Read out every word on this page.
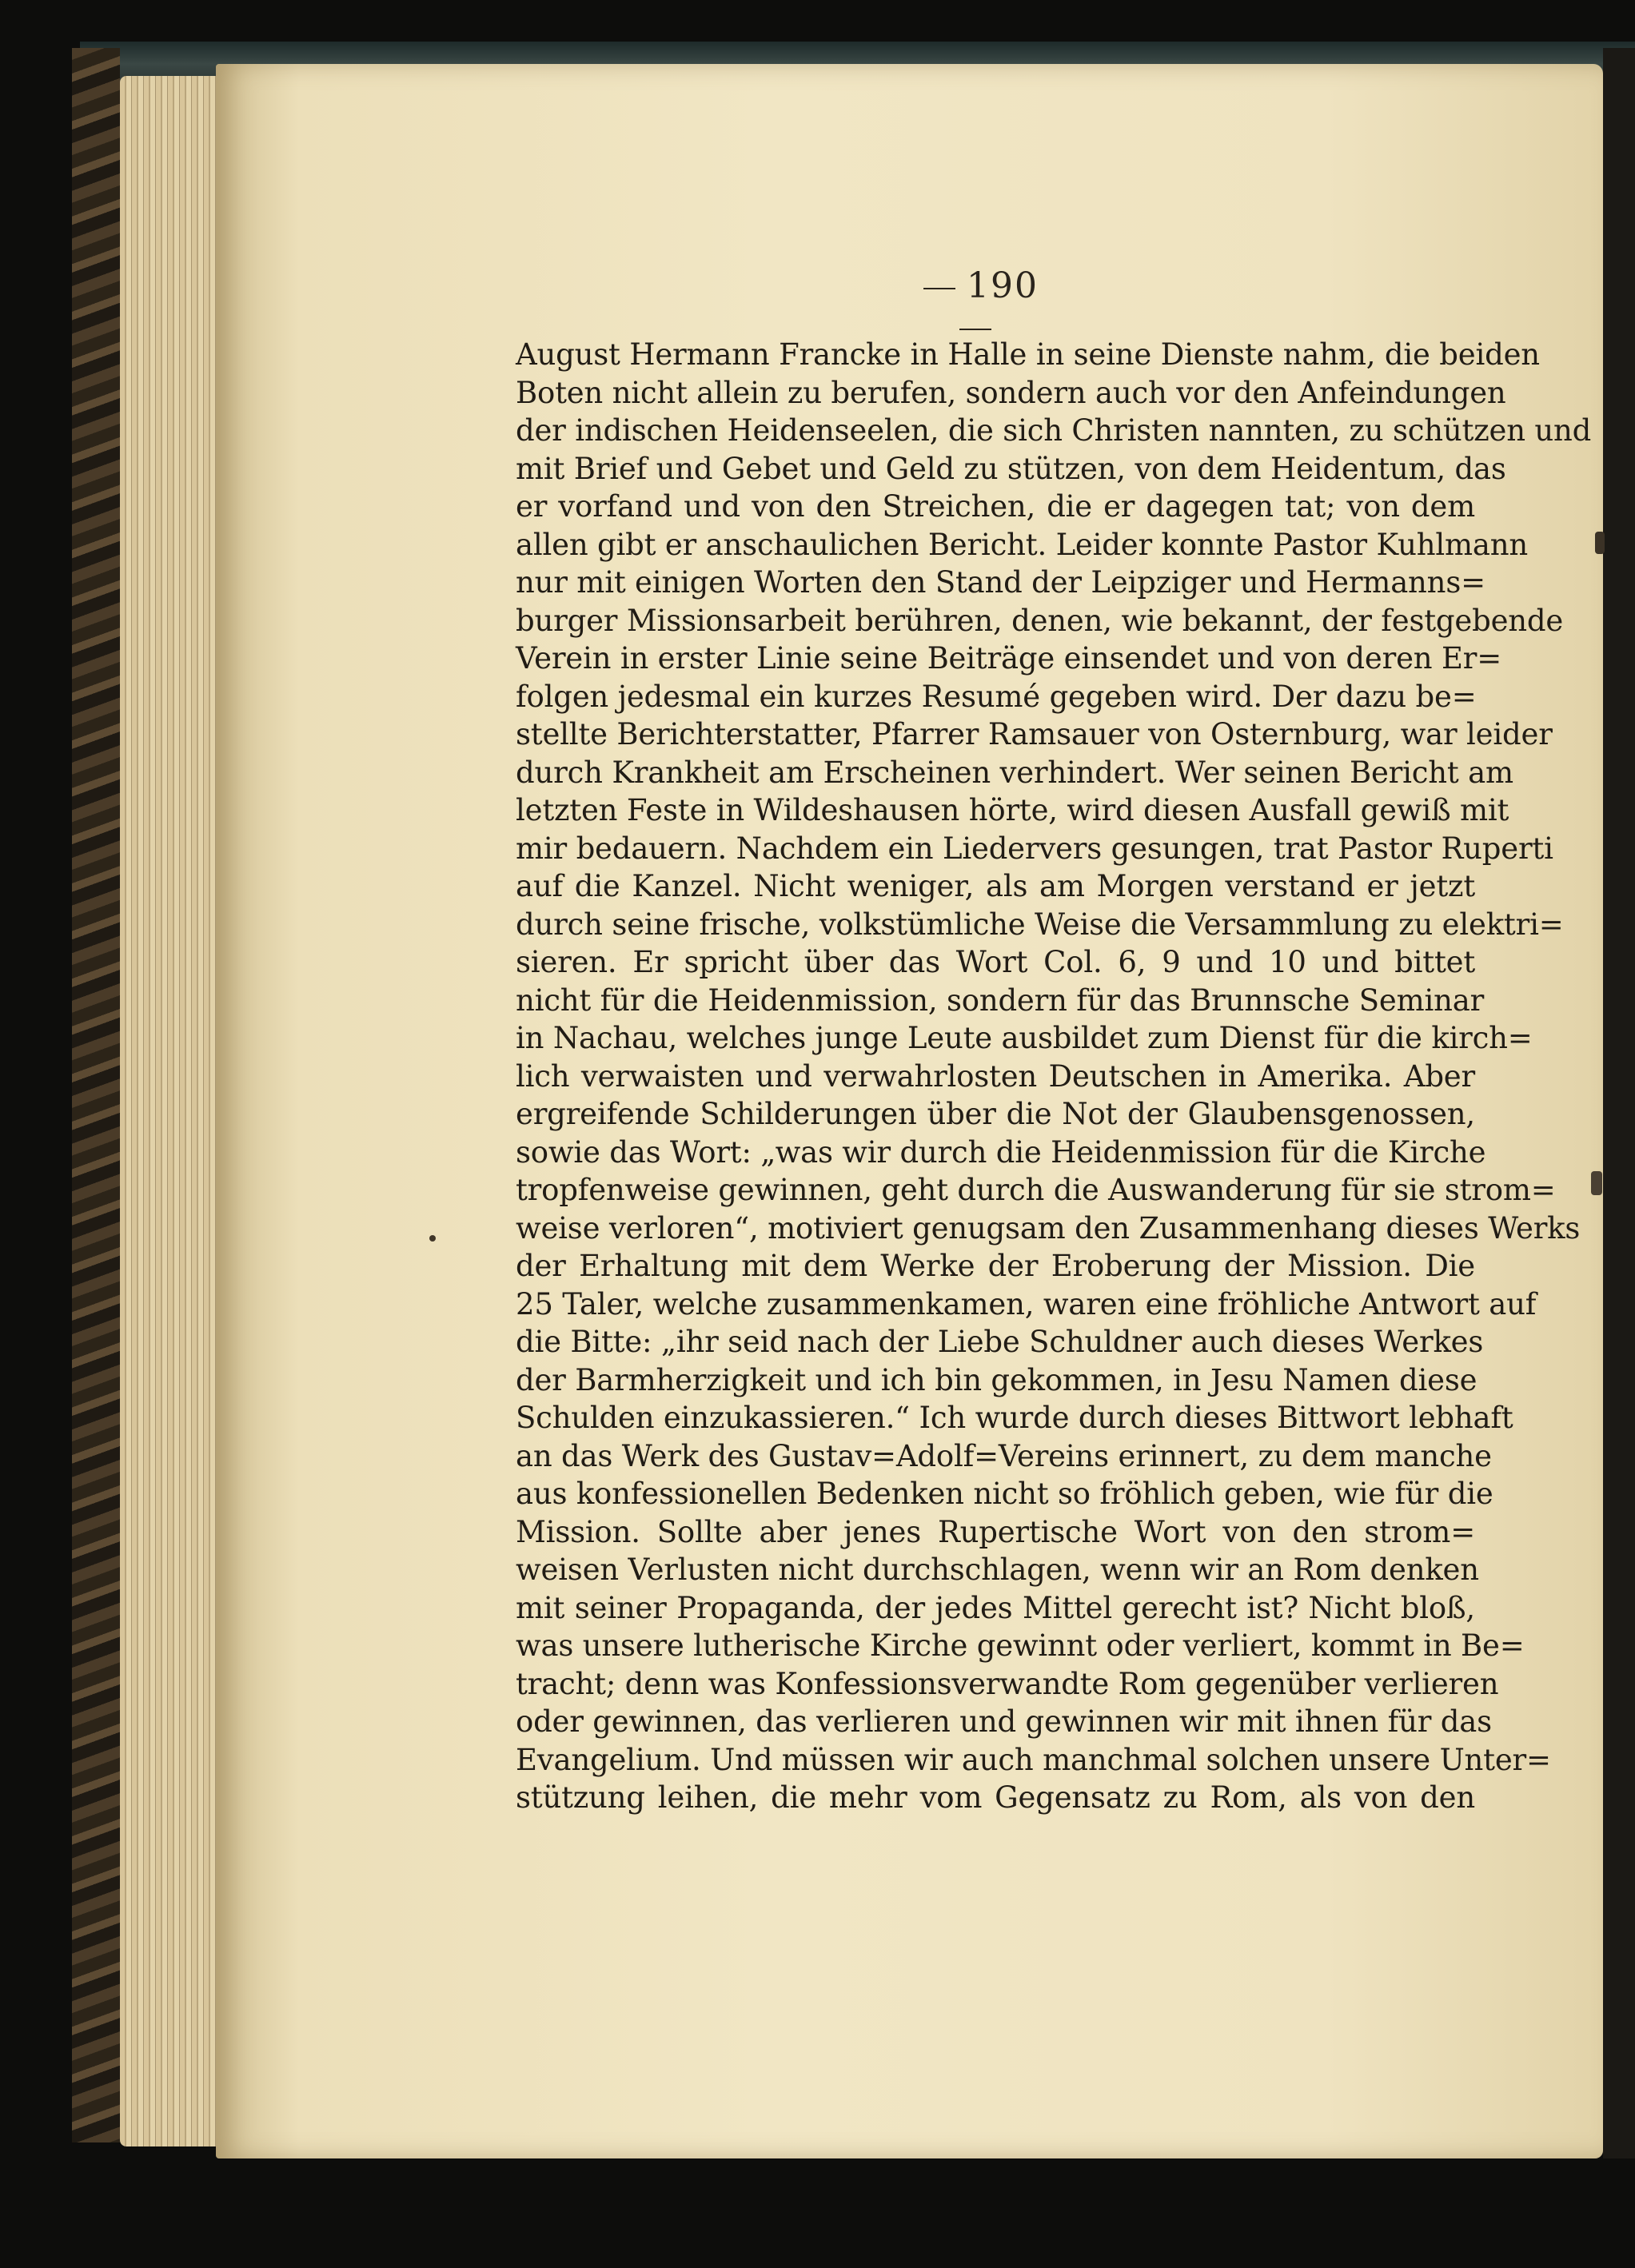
190
August Hermann Francke in Halle in seine Dienste nahm, die beiden
Boten nicht allein zu berufen, sondern auch vor den Anfeindungen
der indischen Heidenseelen, die sich Christen nannten, zu schützen und
mit Brief und Gebet und Geld zu stützen, von dem Heidentum, das
er vorfand und von den Streichen, die er dagegen tat; von dem
allen gibt er anschaulichen Bericht. Leider konnte Pastor Kuhlmann
nur mit einigen Worten den Stand der Leipziger und Hermanns=
burger Missionsarbeit berühren, denen, wie bekannt, der festgebende
Verein in erster Linie seine Beiträge einsendet und von deren Er=
folgen jedesmal ein kurzes Resumé gegeben wird. Der dazu be=
stellte Berichterstatter, Pfarrer Ramsauer von Osternburg, war leider
durch Krankheit am Erscheinen verhindert. Wer seinen Bericht am
letzten Feste in Wildeshausen hörte, wird diesen Ausfall gewiß mit
mir bedauern. Nachdem ein Liedervers gesungen, trat Pastor Ruperti
auf die Kanzel. Nicht weniger, als am Morgen verstand er jetzt
durch seine frische, volkstümliche Weise die Versammlung zu elektri=
sieren. Er spricht über das Wort Col. 6, 9 und 10 und bittet
nicht für die Heidenmission, sondern für das Brunnsche Seminar
in Nachau, welches junge Leute ausbildet zum Dienst für die kirch=
lich verwaisten und verwahrlosten Deutschen in Amerika. Aber
ergreifende Schilderungen über die Not der Glaubensgenossen,
sowie das Wort: „was wir durch die Heidenmission für die Kirche
tropfenweise gewinnen, geht durch die Auswanderung für sie strom=
weise verloren“, motiviert genugsam den Zusammenhang dieses Werks
der Erhaltung mit dem Werke der Eroberung der Mission. Die
25 Taler, welche zusammenkamen, waren eine fröhliche Antwort auf
die Bitte: „ihr seid nach der Liebe Schuldner auch dieses Werkes
der Barmherzigkeit und ich bin gekommen, in Jesu Namen diese
Schulden einzukassieren.“ Ich wurde durch dieses Bittwort lebhaft
an das Werk des Gustav=Adolf=Vereins erinnert, zu dem manche
aus konfessionellen Bedenken nicht so fröhlich geben, wie für die
Mission. Sollte aber jenes Rupertische Wort von den strom=
weisen Verlusten nicht durchschlagen, wenn wir an Rom denken
mit seiner Propaganda, der jedes Mittel gerecht ist? Nicht bloß,
was unsere lutherische Kirche gewinnt oder verliert, kommt in Be=
tracht; denn was Konfessionsverwandte Rom gegenüber verlieren
oder gewinnen, das verlieren und gewinnen wir mit ihnen für das
Evangelium. Und müssen wir auch manchmal solchen unsere Unter=
stützung leihen, die mehr vom Gegensatz zu Rom, als von den
